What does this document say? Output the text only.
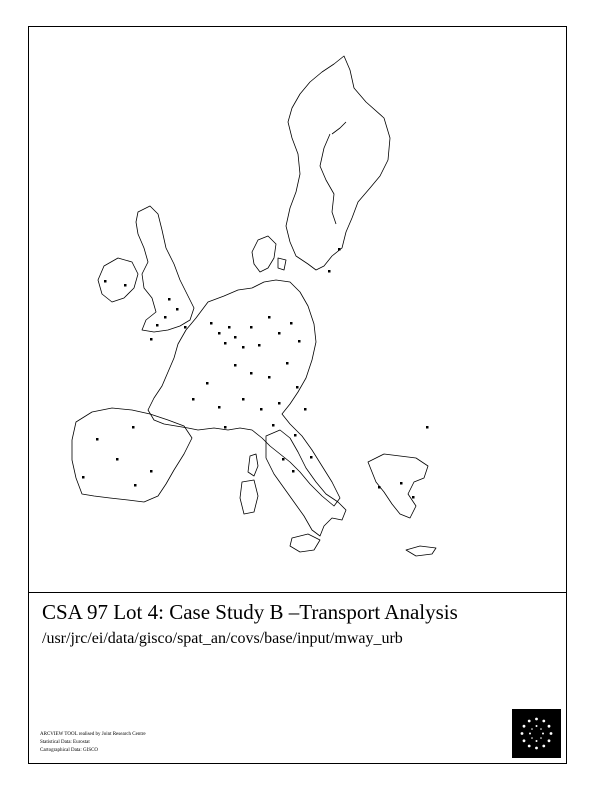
CSA 97 Lot 4: Case Study B –Transport Analysis
/usr/jrc/ei/data/gisco/spat_an/covs/base/input/mway_urb
ARCVIEW TOOL realised by Joint Research Centre
Statistical Data: Eurostat
Cartographical Data: GISCO
